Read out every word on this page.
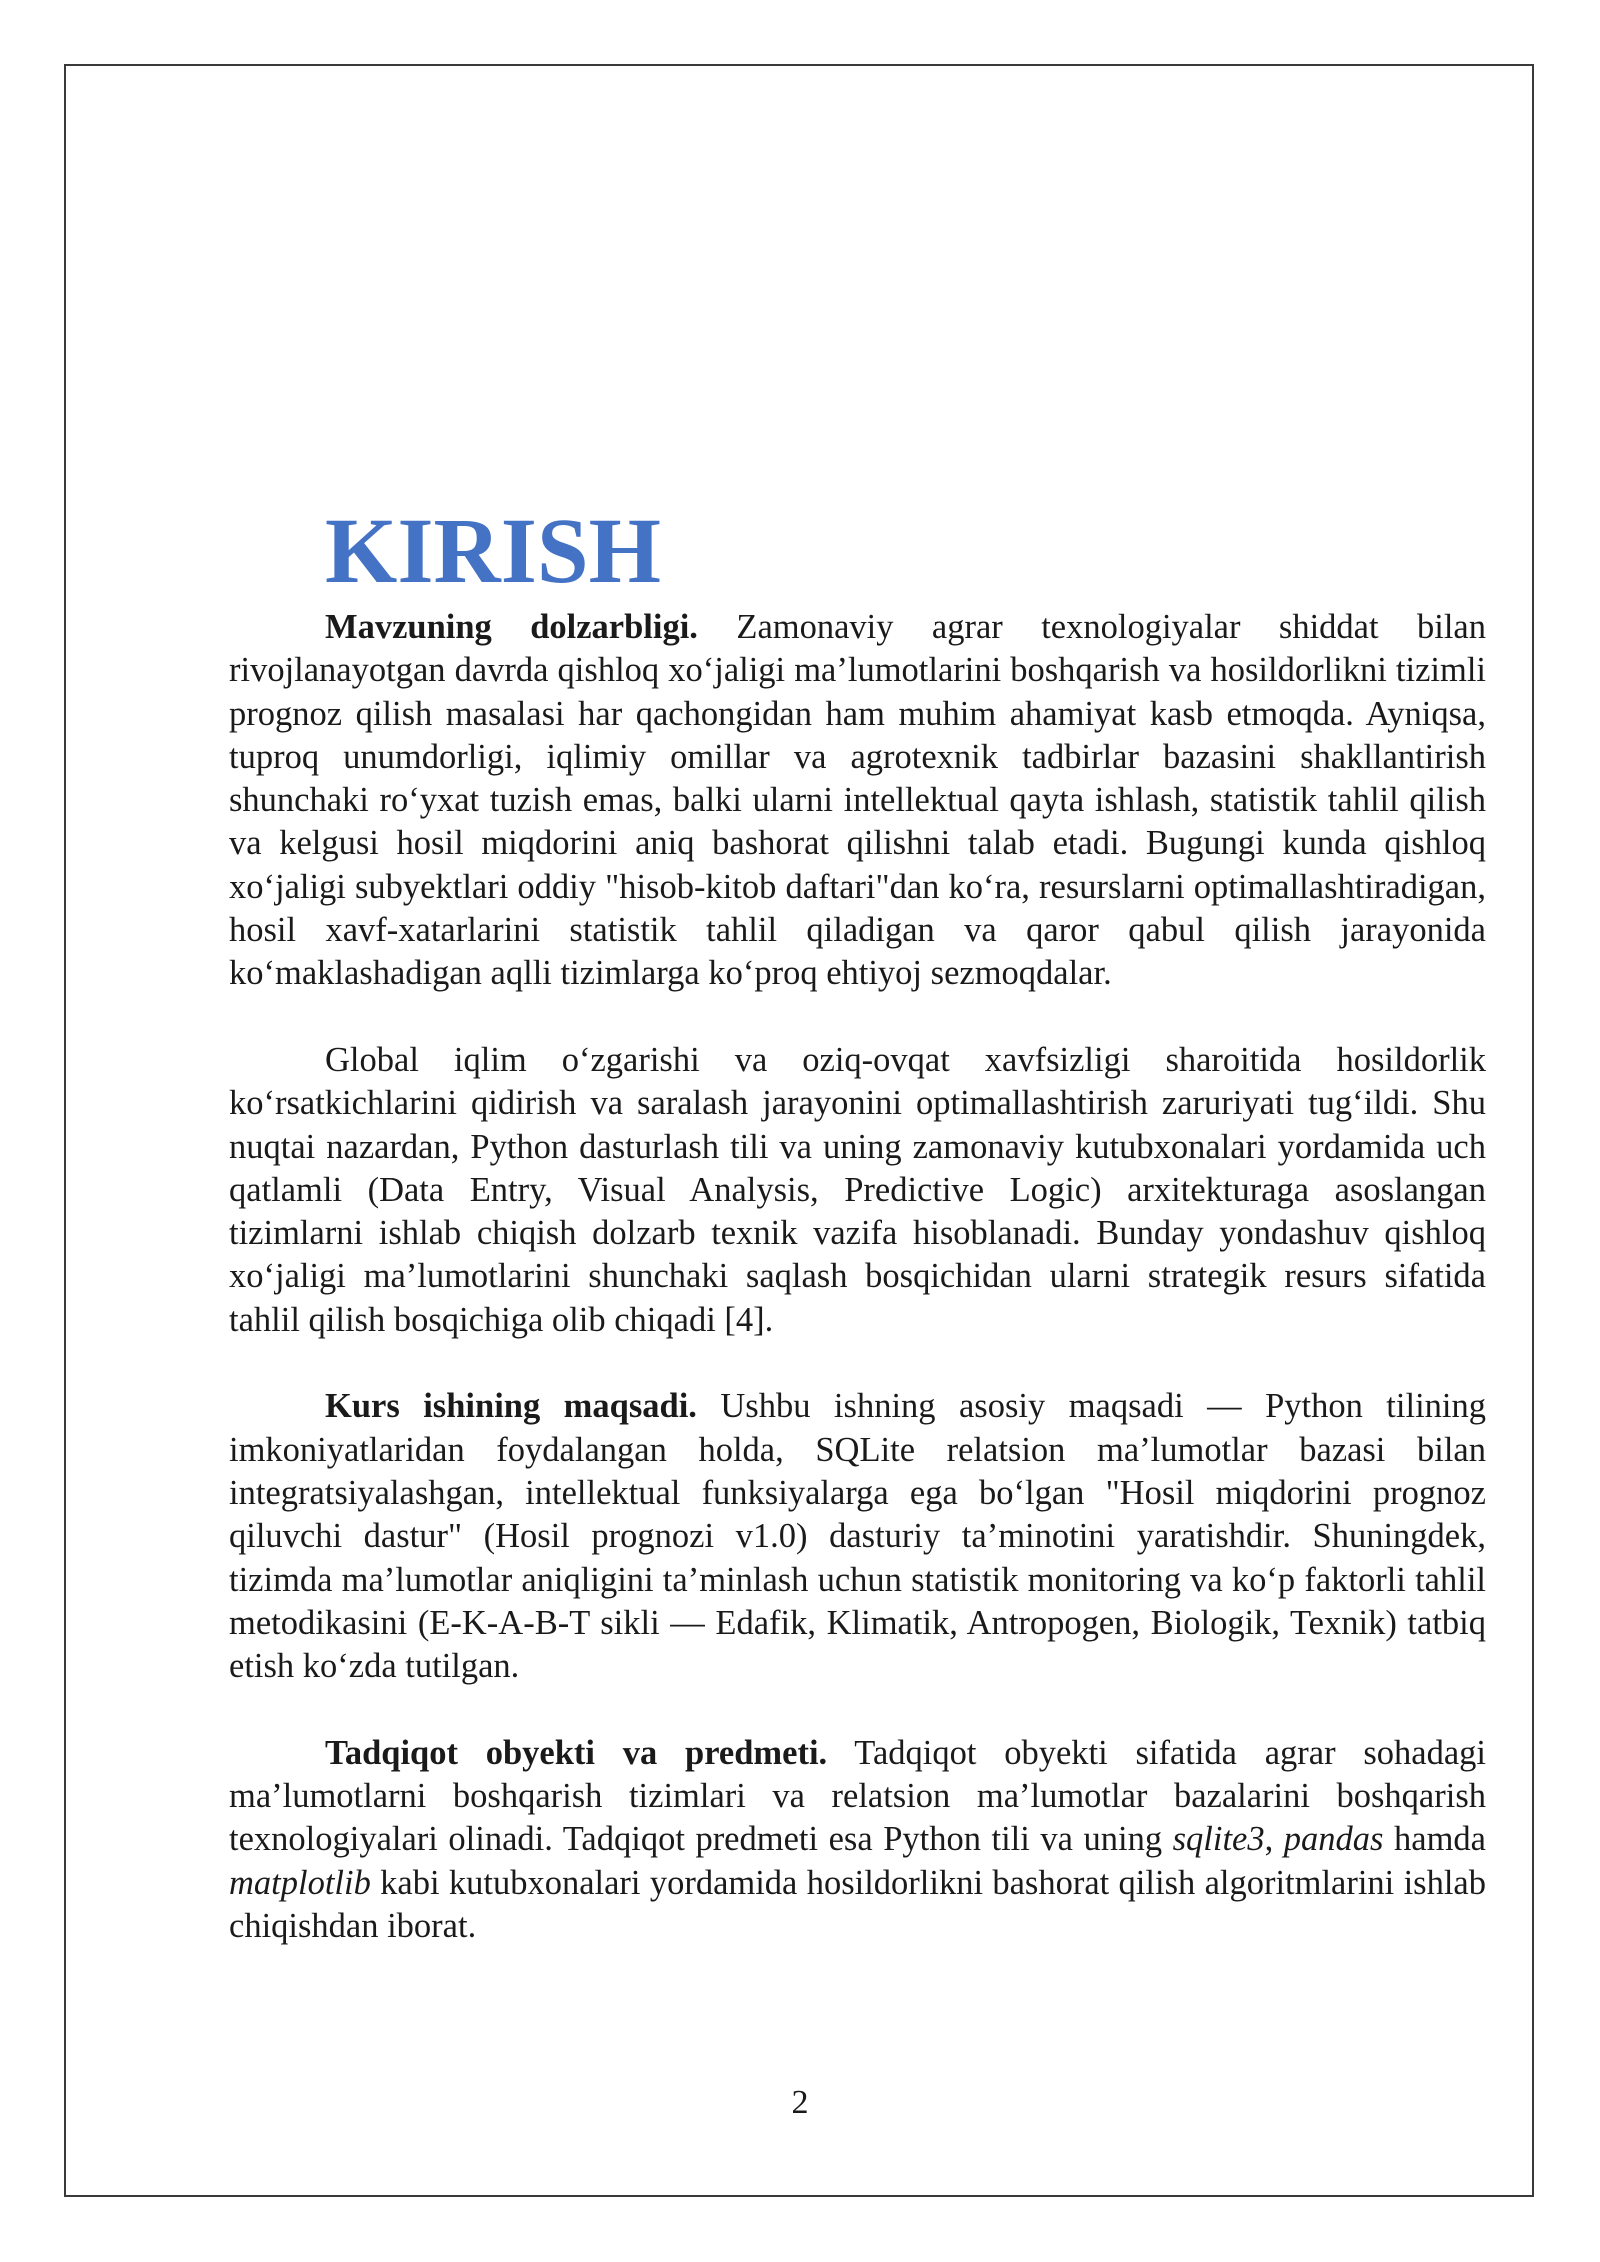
KIRISH

Mavzuning dolzarbligi. Zamonaviy agrar texnologiyalar shiddat bilan rivojlanayotgan davrda qishloq xo‘jaligi ma’lumotlarini boshqarish va hosildorlikni tizimli prognoz qilish masalasi har qachongidan ham muhim ahamiyat kasb etmoqda. Ayniqsa, tuproq unumdorligi, iqlimiy omillar va agrotexnik tadbirlar bazasini shakllantirish shunchaki ro‘yxat tuzish emas, balki ularni intellektual qayta ishlash, statistik tahlil qilish va kelgusi hosil miqdorini aniq bashorat qilishni talab etadi. Bugungi kunda qishloq xo‘jaligi subyektlari oddiy "hisob-kitob daftari"dan ko‘ra, resurslarni optimallashtiradigan, hosil xavf-xatarlarini statistik tahlil qiladigan va qaror qabul qilish jarayonida ko‘maklashadigan aqlli tizimlarga ko‘proq ehtiyoj sezmoqdalar.

Global iqlim o‘zgarishi va oziq-ovqat xavfsizligi sharoitida hosildorlik ko‘rsatkichlarini qidirish va saralash jarayonini optimallashtirish zaruriyati tug‘ildi. Shu nuqtai nazardan, Python dasturlash tili va uning zamonaviy kutubxonalari yordamida uch qatlamli (Data Entry, Visual Analysis, Predictive Logic) arxitekturaga asoslangan tizimlarni ishlab chiqish dolzarb texnik vazifa hisoblanadi. Bunday yondashuv qishloq xo‘jaligi ma’lumotlarini shunchaki saqlash bosqichidan ularni strategik resurs sifatida tahlil qilish bosqichiga olib chiqadi [4].

Kurs ishining maqsadi. Ushbu ishning asosiy maqsadi — Python tilining imkoniyatlaridan foydalangan holda, SQLite relatsion ma’lumotlar bazasi bilan integratsiyalashgan, intellektual funksiyalarga ega bo‘lgan "Hosil miqdorini prognoz qiluvchi dastur" (Hosil prognozi v1.0) dasturiy ta’minotini yaratishdir. Shuningdek, tizimda ma’lumotlar aniqligini ta’minlash uchun statistik monitoring va ko‘p faktorli tahlil metodikasini (E-K-A-B-T sikli — Edafik, Klimatik, Antropogen, Biologik, Texnik) tatbiq etish ko‘zda tutilgan.

Tadqiqot obyekti va predmeti. Tadqiqot obyekti sifatida agrar sohadagi ma’lumotlarni boshqarish tizimlari va relatsion ma’lumotlar bazalarini boshqarish texnologiyalari olinadi. Tadqiqot predmeti esa Python tili va uning sqlite3, pandas hamda matplotlib kabi kutubxonalari yordamida hosildorlikni bashorat qilish algoritmlarini ishlab chiqishdan iborat.

2
